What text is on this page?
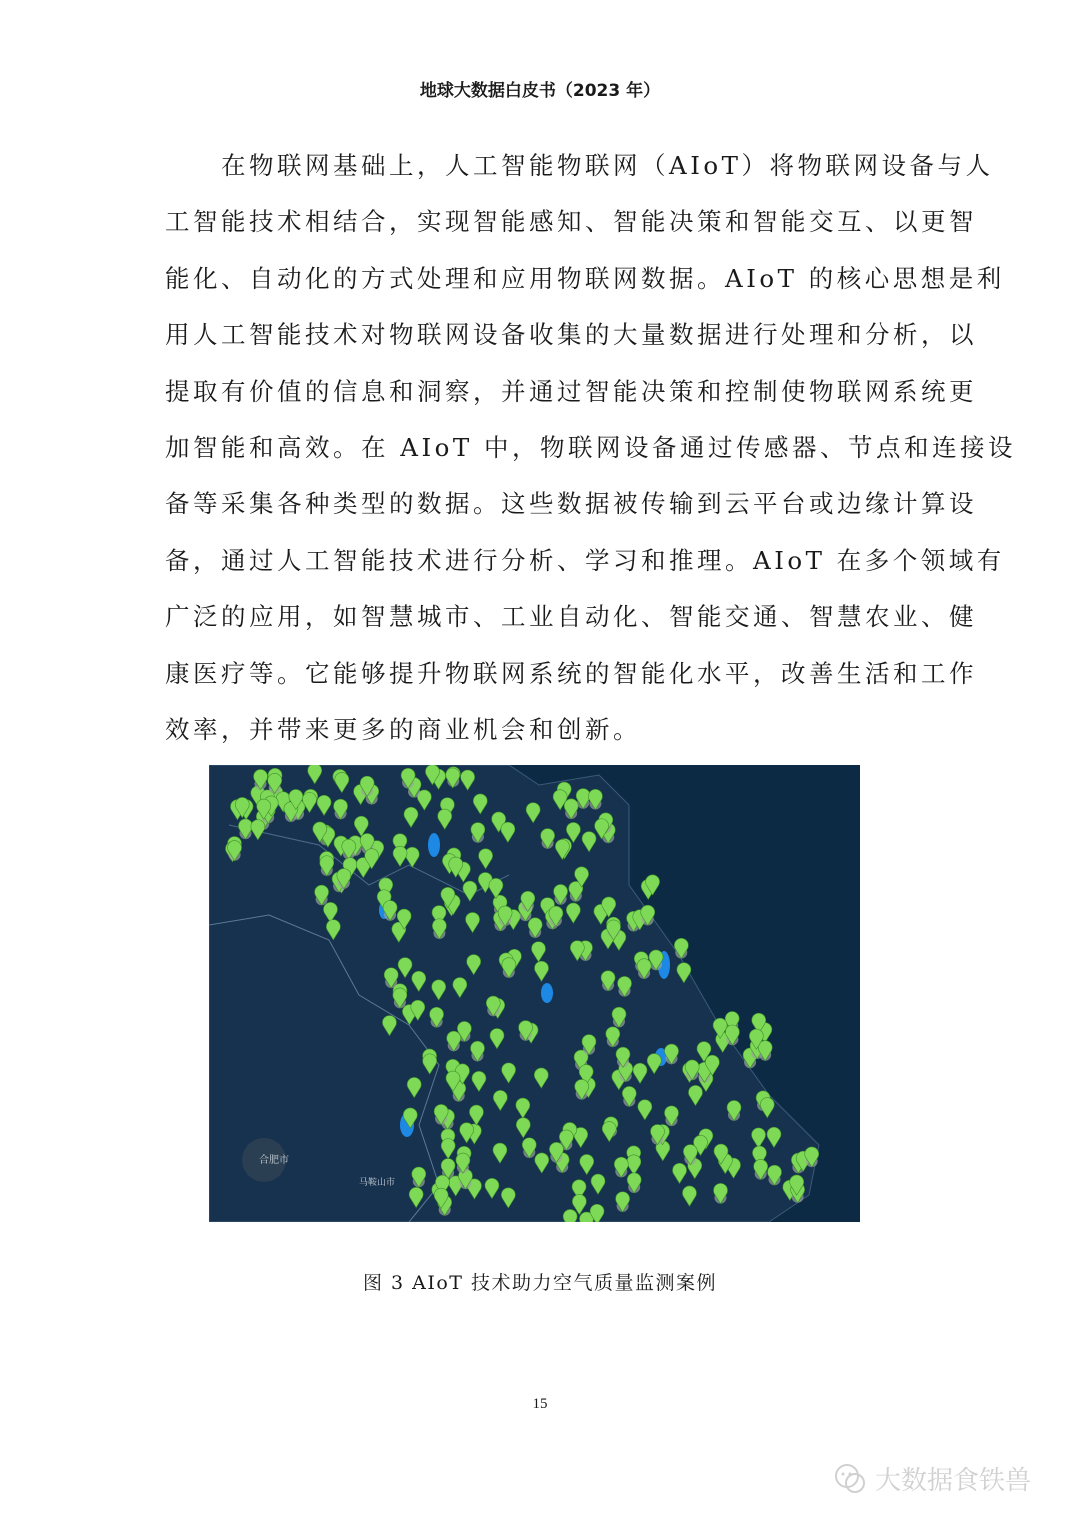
地球大数据白皮书（2023 年）
　　在物联网基础上，人工智能物联网（AIoT）将物联网设备与人
工智能技术相结合，实现智能感知、智能决策和智能交互、以更智
能化、自动化的方式处理和应用物联网数据。AIoT 的核心思想是利
用人工智能技术对物联网设备收集的大量数据进行处理和分析，以
提取有价值的信息和洞察，并通过智能决策和控制使物联网系统更
加智能和高效。在 AIoT 中，物联网设备通过传感器、节点和连接设
备等采集各种类型的数据。这些数据被传输到云平台或边缘计算设
备，通过人工智能技术进行分析、学习和推理。AIoT 在多个领域有
广泛的应用，如智慧城市、工业自动化、智能交通、智慧农业、健
康医疗等。它能够提升物联网系统的智能化水平，改善生活和工作
效率，并带来更多的商业机会和创新。
合肥市
马鞍山市
图 3 AIoT 技术助力空气质量监测案例
15
大数据食铁兽
